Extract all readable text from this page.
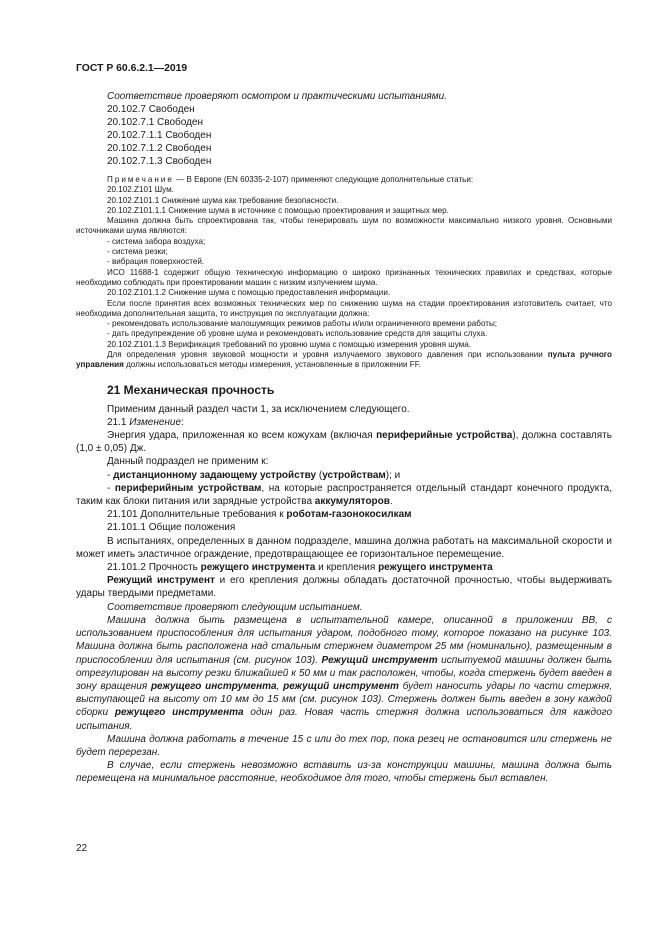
ГОСТ Р 60.6.2.1—2019

Соответствие проверяют осмотром и практическими испытаниями.

20.102.7 Свободен

20.102.7.1 Свободен

20.102.7.1.1 Свободен

20.102.7.1.2 Свободен

20.102.7.1.3 Свободен

Примечание — В Европе (EN 60335-2-107) применяют следующие дополнительные статьи:

20.102.Z101 Шум.

20.102.Z101.1 Снижение шума как требование безопасности.

20.102.Z101.1.1 Снижение шума в источнике с помощью проектирования и защитных мер.

Машина должна быть спроектирована так, чтобы генерировать шум по возможности максимально низкого уровня. Основными источниками шума являются:

- система забора воздуха;

- система резки;

- вибрация поверхностей.

ИСО 11688-1 содержит общую техническую информацию о широко признанных технических правилах и средствах, которые необходимо соблюдать при проектировании машин с низким излучением шума.

20.102.Z101.1.2 Снижение шума с помощью предоставления информации.

Если после принятия всех возможных технических мер по снижению шума на стадии проектирования изготовитель считает, что необходима дополнительная защита, то инструкция по эксплуатации должна:

- рекомендовать использование малошумящих режимов работы и/или ограниченного времени работы;

- дать предупреждение об уровне шума и рекомендовать использование средств для защиты слуха.

20.102.Z101.1.3 Верификация требований по уровню шума с помощью измерения уровня шума.

Для определения уровня звуковой мощности и уровня излучаемого звукового давления при использовании пульта ручного управления должны использоваться методы измерения, установленные в приложении FF.

21 Механическая прочность

Применим данный раздел части 1, за исключением следующего.

21.1 Изменение:

Энергия удара, приложенная ко всем кожухам (включая периферийные устройства), должна составлять (1,0 ± 0,05) Дж.

Данный подраздел не применим к:

- дистанционному задающему устройству (устройствам); и

- периферийным устройствам, на которые распространяется отдельный стандарт конечного продукта, таким как блоки питания или зарядные устройства аккумуляторов.

21.101 Дополнительные требования к роботам-газонокосилкам

21.101.1 Общие положения

В испытаниях, определенных в данном подразделе, машина должна работать на максимальной скорости и может иметь эластичное ограждение, предотвращающее ее горизонтальное перемещение.

21.101.2 Прочность режущего инструмента и крепления режущего инструмента

Режущий инструмент и его крепления должны обладать достаточной прочностью, чтобы выдерживать удары твердыми предметами.

Соответствие проверяют следующим испытанием.

Машина должна быть размещена в испытательной камере, описанной в приложении ВВ, с использованием приспособления для испытания ударом, подобного тому, которое показано на рисунке 103. Машина должна быть расположена над стальным стержнем диаметром 25 мм (номинально), размещенным в приспособлении для испытания (см. рисунок 103). Режущий инструмент испытуемой машины должен быть отрегулирован на высоту резки ближайшей к 50 мм и так расположен, чтобы, когда стержень будет введен в зону вращения режущего инструмента, режущий инструмент будет наносить удары по части стержня, выступающей на высоту от 10 мм до 15 мм (см. рисунок 103). Стержень должен быть введен в зону каждой сборки режущего инструмента один раз. Новая часть стержня должна использоваться для каждого испытания.

Машина должна работать в течение 15 с или до тех пор, пока резец не остановится или стержень не будет перерезан.

В случае, если стержень невозможно вставить из-за конструкции машины, машина должна быть перемещена на минимальное расстояние, необходимое для того, чтобы стержень был вставлен.

22
